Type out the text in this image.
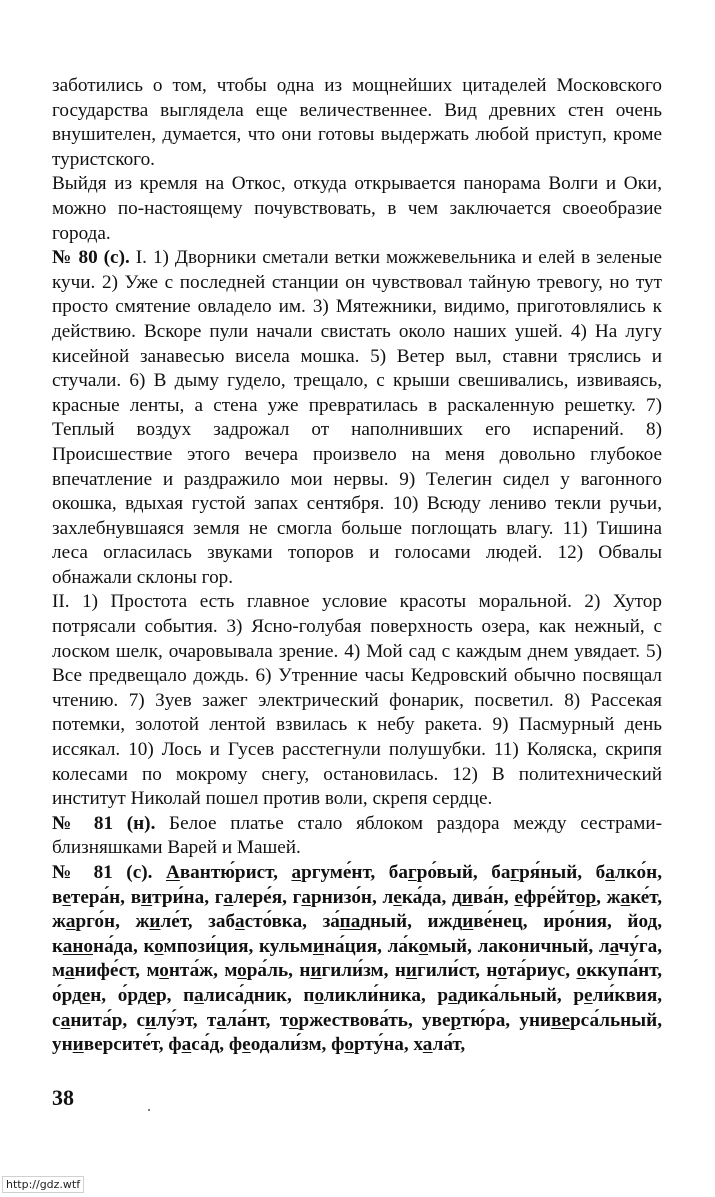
заботились о том, чтобы одна из мощнейших цитаделей Московского государства выглядела еще величественнее. Вид древних стен очень внушителен, думается, что они готовы выдержать любой приступ, кроме туристского.

Выйдя из кремля на Откос, откуда открывается панорама Волги и Оки, можно по-настоящему почувствовать, в чем заключается своеобразие города.

№ 80 (с). I. 1) Дворники сметали ветки можжевельника и елей в зеленые кучи. 2) Уже с последней станции он чувствовал тайную тревогу, но тут просто смятение овладело им. 3) Мятежники, видимо, приготовлялись к действию. Вскоре пули начали свистать около наших ушей. 4) На лугу кисейной занавесью висела мошка. 5) Ветер выл, ставни тряслись и стучали. 6) В дыму гудело, трещало, с крыши свешивались, извиваясь, красные ленты, а стена уже превратилась в раскаленную решетку. 7) Теплый воздух задрожал от наполнивших его испарений. 8) Происшествие этого вечера произвело на меня довольно глубокое впечатление и раздражило мои нервы. 9) Телегин сидел у вагонного окошка, вдыхая густой запах сентября. 10) Всюду лениво текли ручьи, захлебнувшаяся земля не смогла больше поглощать влагу. 11) Тишина леса огласилась звуками топоров и голосами людей. 12) Обвалы обнажали склоны гор.

II. 1) Простота есть главное условие красоты моральной. 2) Хутор потрясали события. 3) Ясно-голубая поверхность озера, как нежный, с лоском шелк, очаровывала зрение. 4) Мой сад с каждым днем увядает. 5) Все предвещало дождь. 6) Утренние часы Кедровский обычно посвящал чтению. 7) Зуев зажег электрический фонарик, посветил. 8) Рассекая потемки, золотой лентой взвилась к небу ракета. 9) Пасмурный день иссякал. 10) Лось и Гусев расстегнули полушубки. 11) Коляска, скрипя колесами по мокрому снегу, остановилась. 12) В политехнический институт Николай пошел против воли, скрепя сердце.

№ 81 (н). Белое платье стало яблоком раздора между сестрами-близняшками Варей и Машей.

№ 81 (с). Авантю́рист, аргуме́нт, багро́вый, багря́ный, балко́н, ветера́н, витри́на, галере́я, гарнизо́н, лека́да, дива́н, ефре́йтор, жаке́т, жарго́н, жиле́т, забасто́вка, за́падный, иждиве́нец, иро́ния, йод, канона́да, компози́ция, кульмина́ция, ла́комый, лаконичный, лачу́га, манифе́ст, монта́ж, мора́ль, нигили́зм, нигили́ст, нота́риус, оккупа́нт, о́рден, о́рдер, палиса́дник, поликли́ника, радика́льный, рели́квия, санита́р, силу́эт, тала́нт, торжествова́ть, увертю́ра, универса́льный, университе́т, фаса́д, феодали́зм, форту́на, хала́т,

38
http://gdz.wtf
